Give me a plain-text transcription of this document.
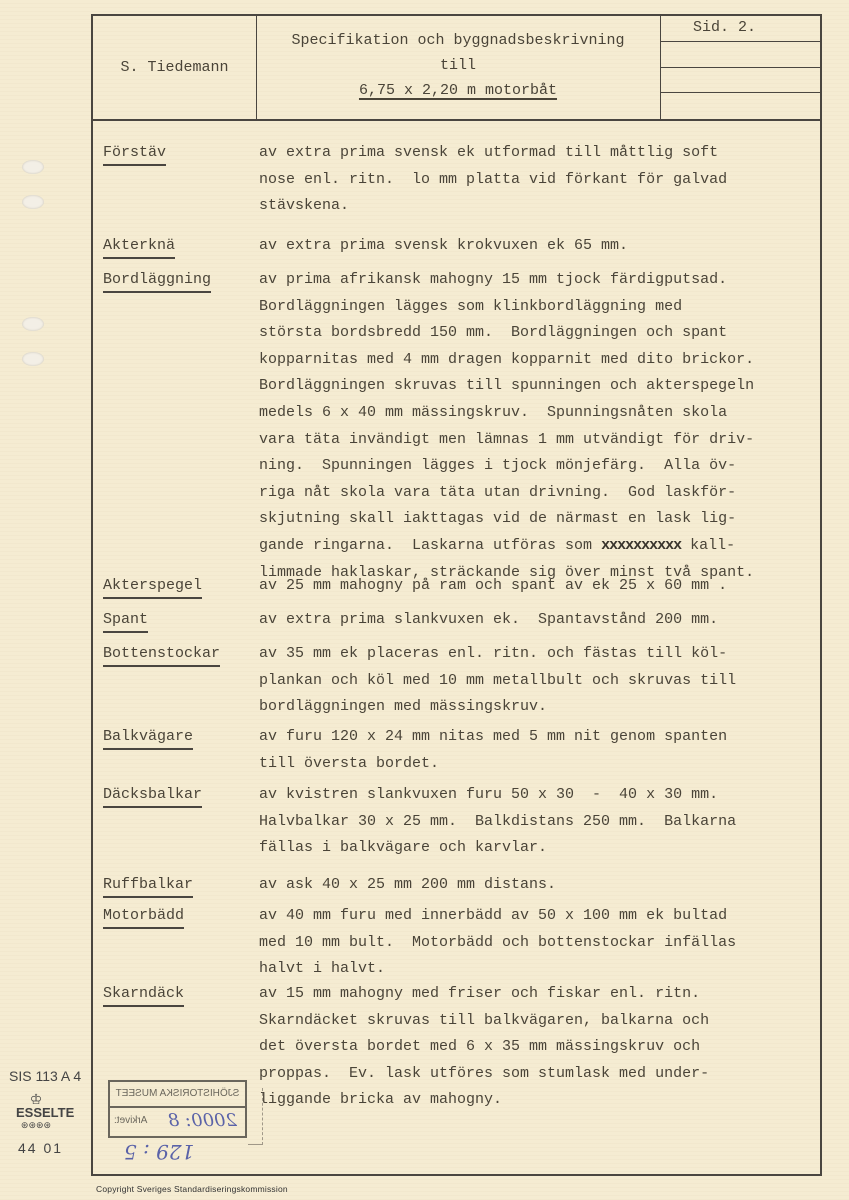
S. Tiedemann
Specifikation och byggnadsbeskrivning
till
6,75 x 2,20 m motorbåt
Sid. 2.
Förstäv	av extra prima svensk ek utformad till måttlig soft
nose enl. ritn.  lo mm platta vid förkant för galvad
stävskena.
Akterknä	av extra prima svensk krokvuxen ek 65 mm.
Bordläggning	av prima afrikansk mahogny 15 mm tjock färdigputsad.
Bordläggningen lägges som klinkbordläggning med
största bordsbredd 150 mm.  Bordläggningen och spant
kopparnitas med 4 mm dragen kopparnit med dito brickor.
Bordläggningen skruvas till spunningen och akterspegeln
medels 6 x 40 mm mässingskruv.  Spunningsnåten skola
vara täta invändigt men lämnas 1 mm utvändigt för driv-
ning.  Spunningen lägges i tjock mönjefärg.  Alla öv-
riga nåt skola vara täta utan drivning.  God laskför-
skjutning skall iakttagas vid de närmast en lask lig-
gande ringarna.  Laskarna utföras som xxxxxxxxxx kall-
limmade haklaskar, sträckande sig över minst två spant.
Akterspegel	av 25 mm mahogny på ram och spant av ek 25 x 60 mm .
Spant	av extra prima slankvuxen ek.  Spantavstånd 200 mm.
Bottenstockar	av 35 mm ek placeras enl. ritn. och fästas till köl-
plankan och köl med 10 mm metallbult och skruvas till
bordläggningen med mässingskruv.
Balkvägare	av furu 120 x 24 mm nitas med 5 mm nit genom spanten
till översta bordet.
Däcksbalkar	av kvistren slankvuxen furu 50 x 30  -  40 x 30 mm.
Halvbalkar 30 x 25 mm.  Balkdistans 250 mm.  Balkarna
fällas i balkvägare och karvlar.
Ruffbalkar	av ask 40 x 25 mm 200 mm distans.
Motorbädd	av 40 mm furu med innerbädd av 50 x 100 mm ek bultad
med 10 mm bult.  Motorbädd och bottenstockar infällas
halvt i halvt.
Skarndäck	av 15 mm mahogny med friser och fiskar enl. ritn.
Skarndäcket skruvas till balkvägaren, balkarna och
det översta bordet med 6 x 35 mm mässingskruv och
proppas.  Ev. lask utföres som stumlask med under-
liggande bricka av mahogny.
SIS 113 A 4
♔
ESSELTE
⊛⊛⊛⊛
44 01
SJÖHISTORISKA MUSEET
Arkivet: 2000: 8
129 : 5
Copyright Sveriges Standardiseringskommission
